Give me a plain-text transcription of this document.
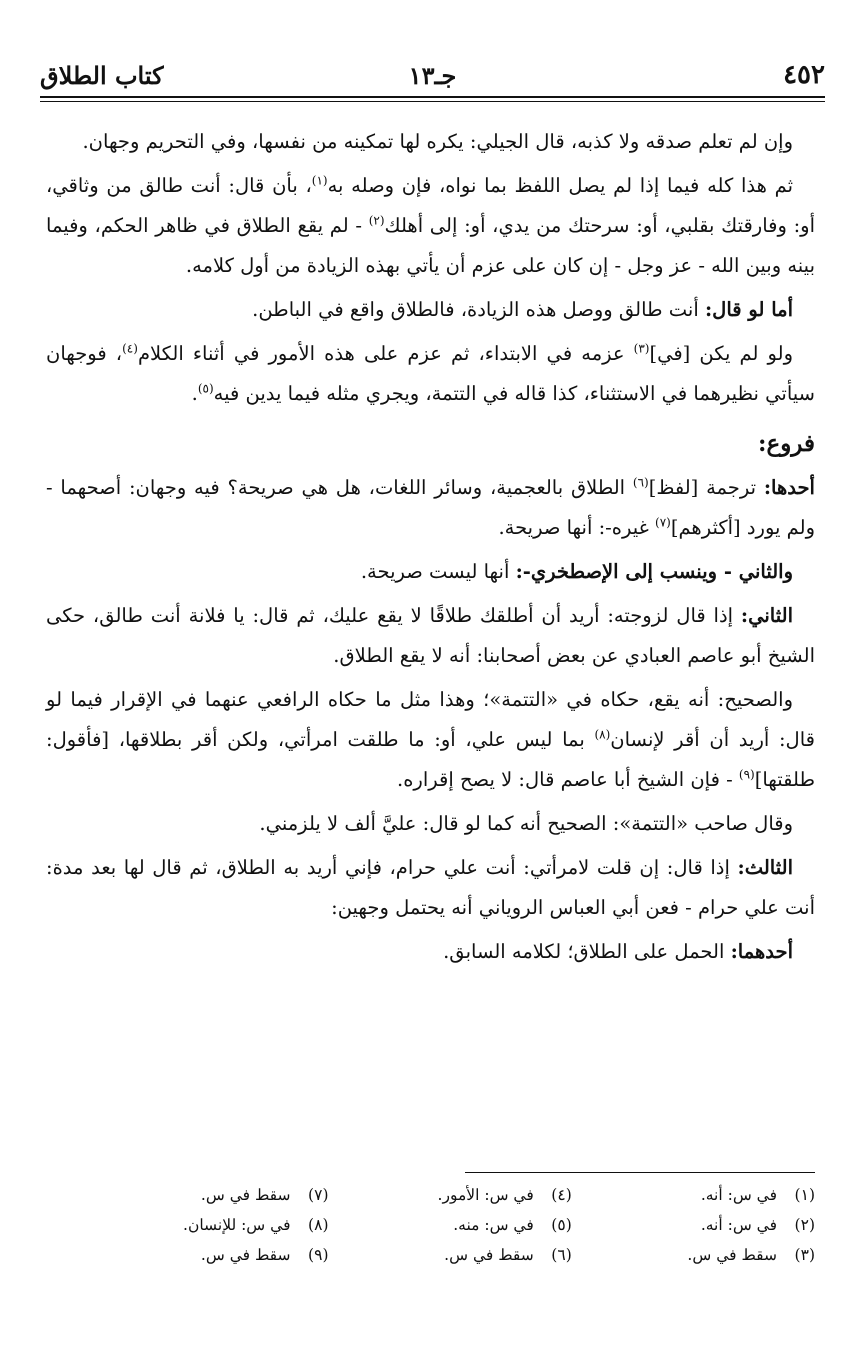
٤٥٢
جـ١٣
كتاب الطلاق

وإن لم تعلم صدقه ولا كذبه، قال الجيلي: يكره لها تمكينه من نفسها، وفي التحريم وجهان.

ثم هذا كله فيما إذا لم يصل اللفظ بما نواه، فإن وصله به$^{(١)}$، بأن قال: أنت طالق من وثاقي، أو: وفارقتك بقلبي، أو: سرحتك من يدي، أو: إلى أهلك$^{(٢)}$ - لم يقع الطلاق في ظاهر الحكم، وفيما بينه وبين الله - عز وجل - إن كان على عزم أن يأتي بهذه الزيادة من أول كلامه.

أما لو قال: أنت طالق ووصل هذه الزيادة، فالطلاق واقع في الباطن.

ولو لم يكن [في]$^{(٣)}$ عزمه في الابتداء، ثم عزم على هذه الأمور في أثناء الكلام$^{(٤)}$، فوجهان سيأتي نظيرهما في الاستثناء، كذا قاله في التتمة، ويجري مثله فيما يدين فيه$^{(٥)}$.

فروع:

أحدها: ترجمة [لفظ]$^{(٦)}$ الطلاق بالعجمية، وسائر اللغات، هل هي صريحة؟ فيه وجهان: أصحهما - ولم يورد [أكثرهم]$^{(٧)}$ غيره-: أنها صريحة.

والثاني - وينسب إلى الإصطخري-: أنها ليست صريحة.

الثاني: إذا قال لزوجته: أريد أن أطلقك طلاقًا لا يقع عليك، ثم قال: يا فلانة أنت طالق، حكى الشيخ أبو عاصم العبادي عن بعض أصحابنا: أنه لا يقع الطلاق.

والصحيح: أنه يقع، حكاه في «التتمة»؛ وهذا مثل ما حكاه الرافعي عنهما في الإقرار فيما لو قال: أريد أن أقر لإنسان$^{(٨)}$ بما ليس علي، أو: ما طلقت امرأتي، ولكن أقر بطلاقها، [فأقول: طلقتها]$^{(٩)}$ - فإن الشيخ أبا عاصم قال: لا يصح إقراره.

وقال صاحب «التتمة»: الصحيح أنه كما لو قال: عليَّ ألف لا يلزمني.

الثالث: إذا قال: إن قلت لامرأتي: أنت علي حرام، فإني أريد به الطلاق، ثم قال لها بعد مدة: أنت علي حرام - فعن أبي العباس الروياني أنه يحتمل وجهين:

أحدهما: الحمل على الطلاق؛ لكلامه السابق.

(١)
في س: أنه.
(٢)
في س: أنه.
(٣)
سقط في س.
(٤)
في س: الأمور.
(٥)
في س: منه.
(٦)
سقط في س.
(٧)
سقط في س.
(٨)
في س: للإنسان.
(٩)
سقط في س.
